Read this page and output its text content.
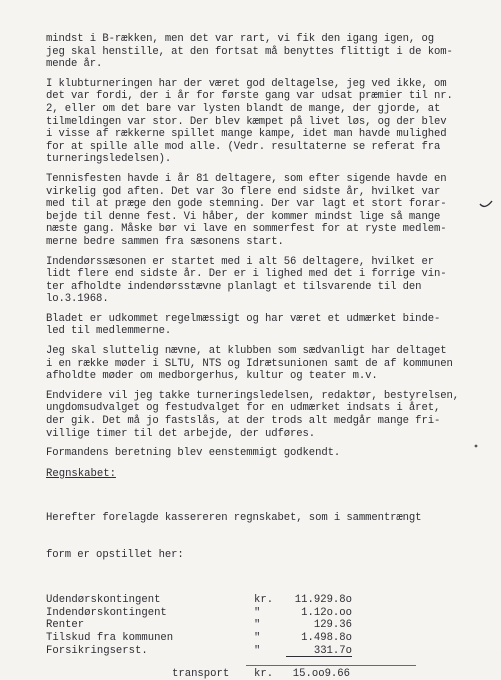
mindst i B-rækken, men det var rart, vi fik den igang igen, og
jeg skal henstille, at den fortsat må benyttes flittigt i de kom-
mende år.
I klubturneringen har der været god deltagelse, jeg ved ikke, om
det var fordi, der i år for første gang var udsat præmier til nr.
2, eller om det bare var lysten blandt de mange, der gjorde, at
tilmeldingen var stor. Der blev kæmpet på livet løs, og der blev
i visse af rækkerne spillet mange kampe, idet man havde mulighed
for at spille alle mod alle. (Vedr. resultaterne se referat fra
turneringsledelsen).
Tennisfesten havde i år 81 deltagere, som efter sigende havde en
virkelig god aften. Det var 3o flere end sidste år, hvilket var
med til at præge den gode stemning. Der var lagt et stort forar-
bejde til denne fest. Vi håber, der kommer mindst lige så mange
næste gang. Måske bør vi lave en sommerfest for at ryste medlem-
merne bedre sammen fra sæsonens start.
Indendørssæsonen er startet med i alt 56 deltagere, hvilket er
lidt flere end sidste år. Der er i lighed med det i forrige vin-
ter afholdte indendørsstævne planlagt et tilsvarende til den
lo.3.1968.
Bladet er udkommet regelmæssigt og har været et udmærket binde-
led til medlemmerne.
Jeg skal sluttelig nævne, at klubben som sædvanligt har deltaget
i en række møder i SLTU, NTS og Idrætsunionen samt de af kommunen
afholdte møder om medborgerhus, kultur og teater m.v.
Endvidere vil jeg takke turneringsledelsen, redaktør, bestyrelsen,
ungdomsudvalget og festudvalget for en udmærket indsats i året,
der gik. Det må jo fastslås, at der trods alt medgår mange fri-
villige timer til det arbejde, der udføres.
Formandens beretning blev eenstemmigt godkendt.
Regnskabet:

Herefter forelagde kassereren regnskabet, som i sammentrængt

form er opstillet her:

Udendørskontingent	kr.	11.929.8o
Indendørskontingent	"	1.12o.oo
Renter	"	129.36
Tilskud fra kommunen	"	1.498.8o
Forsikringserst.	"	331.7o
transport	kr.	15.oo9.66
